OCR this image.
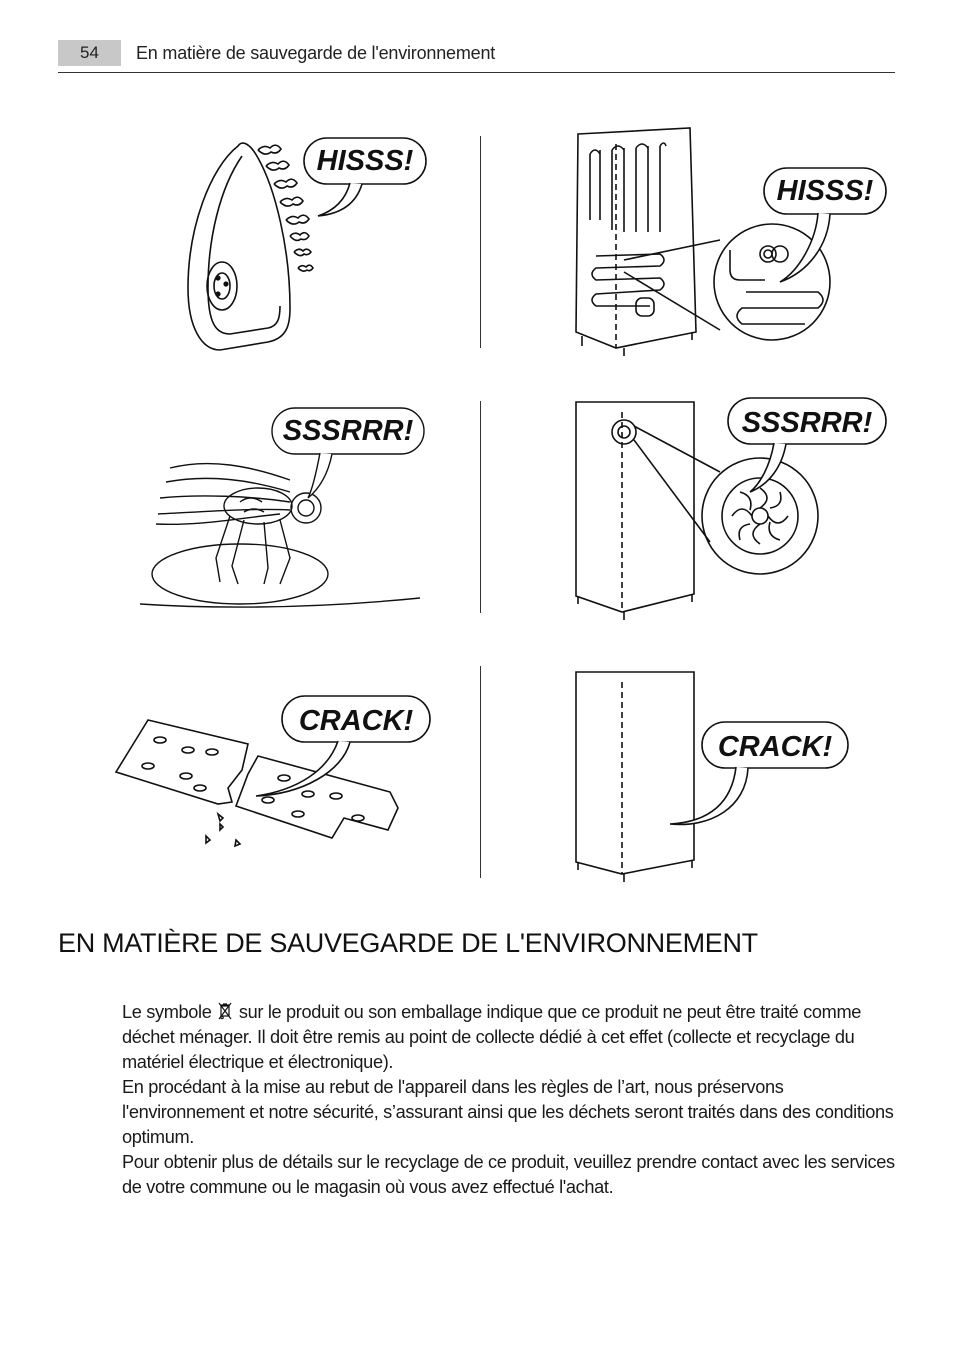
54	En matière de sauvegarde de l'environnement
HISSS!
HISSS!
SSSRRR!	SSSRRR!
CRACK!
CRACK!
EN MATIÈRE DE SAUVEGARDE DE L'ENVIRONNEMENT

Le symbole  sur le produit ou son emballage indique que ce produit ne peut être traité comme déchet ménager. Il doit être remis au point de collecte dédié à cet effet (collecte et recyclage du matériel électrique et électronique).

En procédant à la mise au rebut de l'appareil dans les règles de l’art, nous préservons l'environnement et notre sécurité, s’assurant ainsi que les déchets seront traités dans des conditions optimum.

Pour obtenir plus de détails sur le recyclage de ce produit, veuillez prendre contact avec les services de votre commune ou le magasin où vous avez effectué l'achat.
